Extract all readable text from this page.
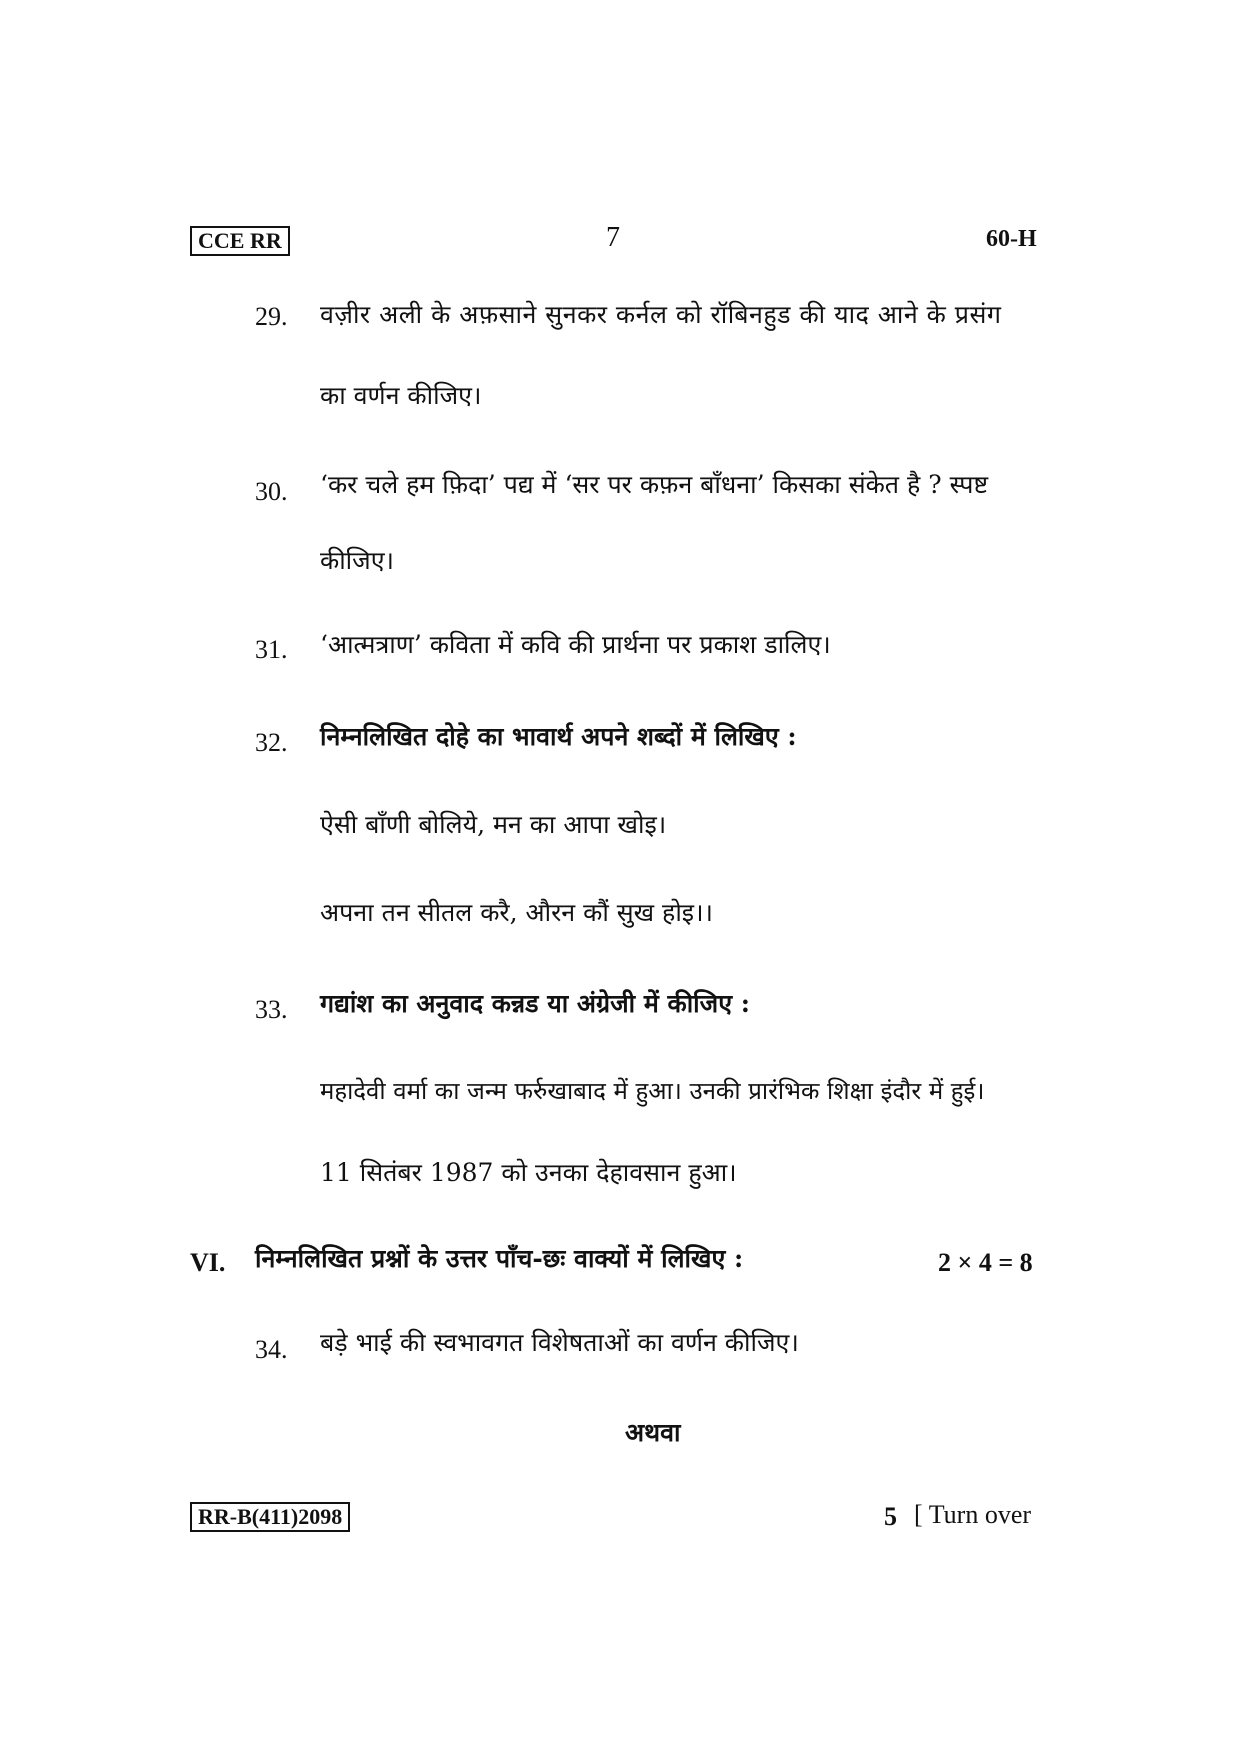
CCE RR	7	60-H
29.	वज़ीर अली के अफ़साने सुनकर कर्नल को रॉबिनहुड की याद आने के प्रसंग
का वर्णन कीजिए।
30.	‘कर चले हम फ़िदा’ पद्य में ‘सर पर कफ़न बाँधना’ किसका संकेत है ? स्पष्ट
कीजिए।
31.	‘आत्मत्राण’ कविता में कवि की प्रार्थना पर प्रकाश डालिए।
32.	निम्नलिखित दोहे का भावार्थ अपने शब्दों में लिखिए :
ऐसी बाँणी बोलिये, मन का आपा खोइ।
अपना तन सीतल करै, औरन कौं सुख होइ।।
33.	गद्यांश का अनुवाद कन्नड या अंग्रेजी में कीजिए :
महादेवी वर्मा का जन्म फर्रुखाबाद में हुआ। उनकी प्रारंभिक शिक्षा इंदौर में हुई।
11 सितंबर 1987 को उनका देहावसान हुआ।
VI. निम्नलिखित प्रश्नों के उत्तर पाँच-छः वाक्यों में लिखिए :	2 × 4 = 8
34.	बड़े भाई की स्वभावगत विशेषताओं का वर्णन कीजिए।
अथवा
RR-B(411)2098	5 [ Turn over
